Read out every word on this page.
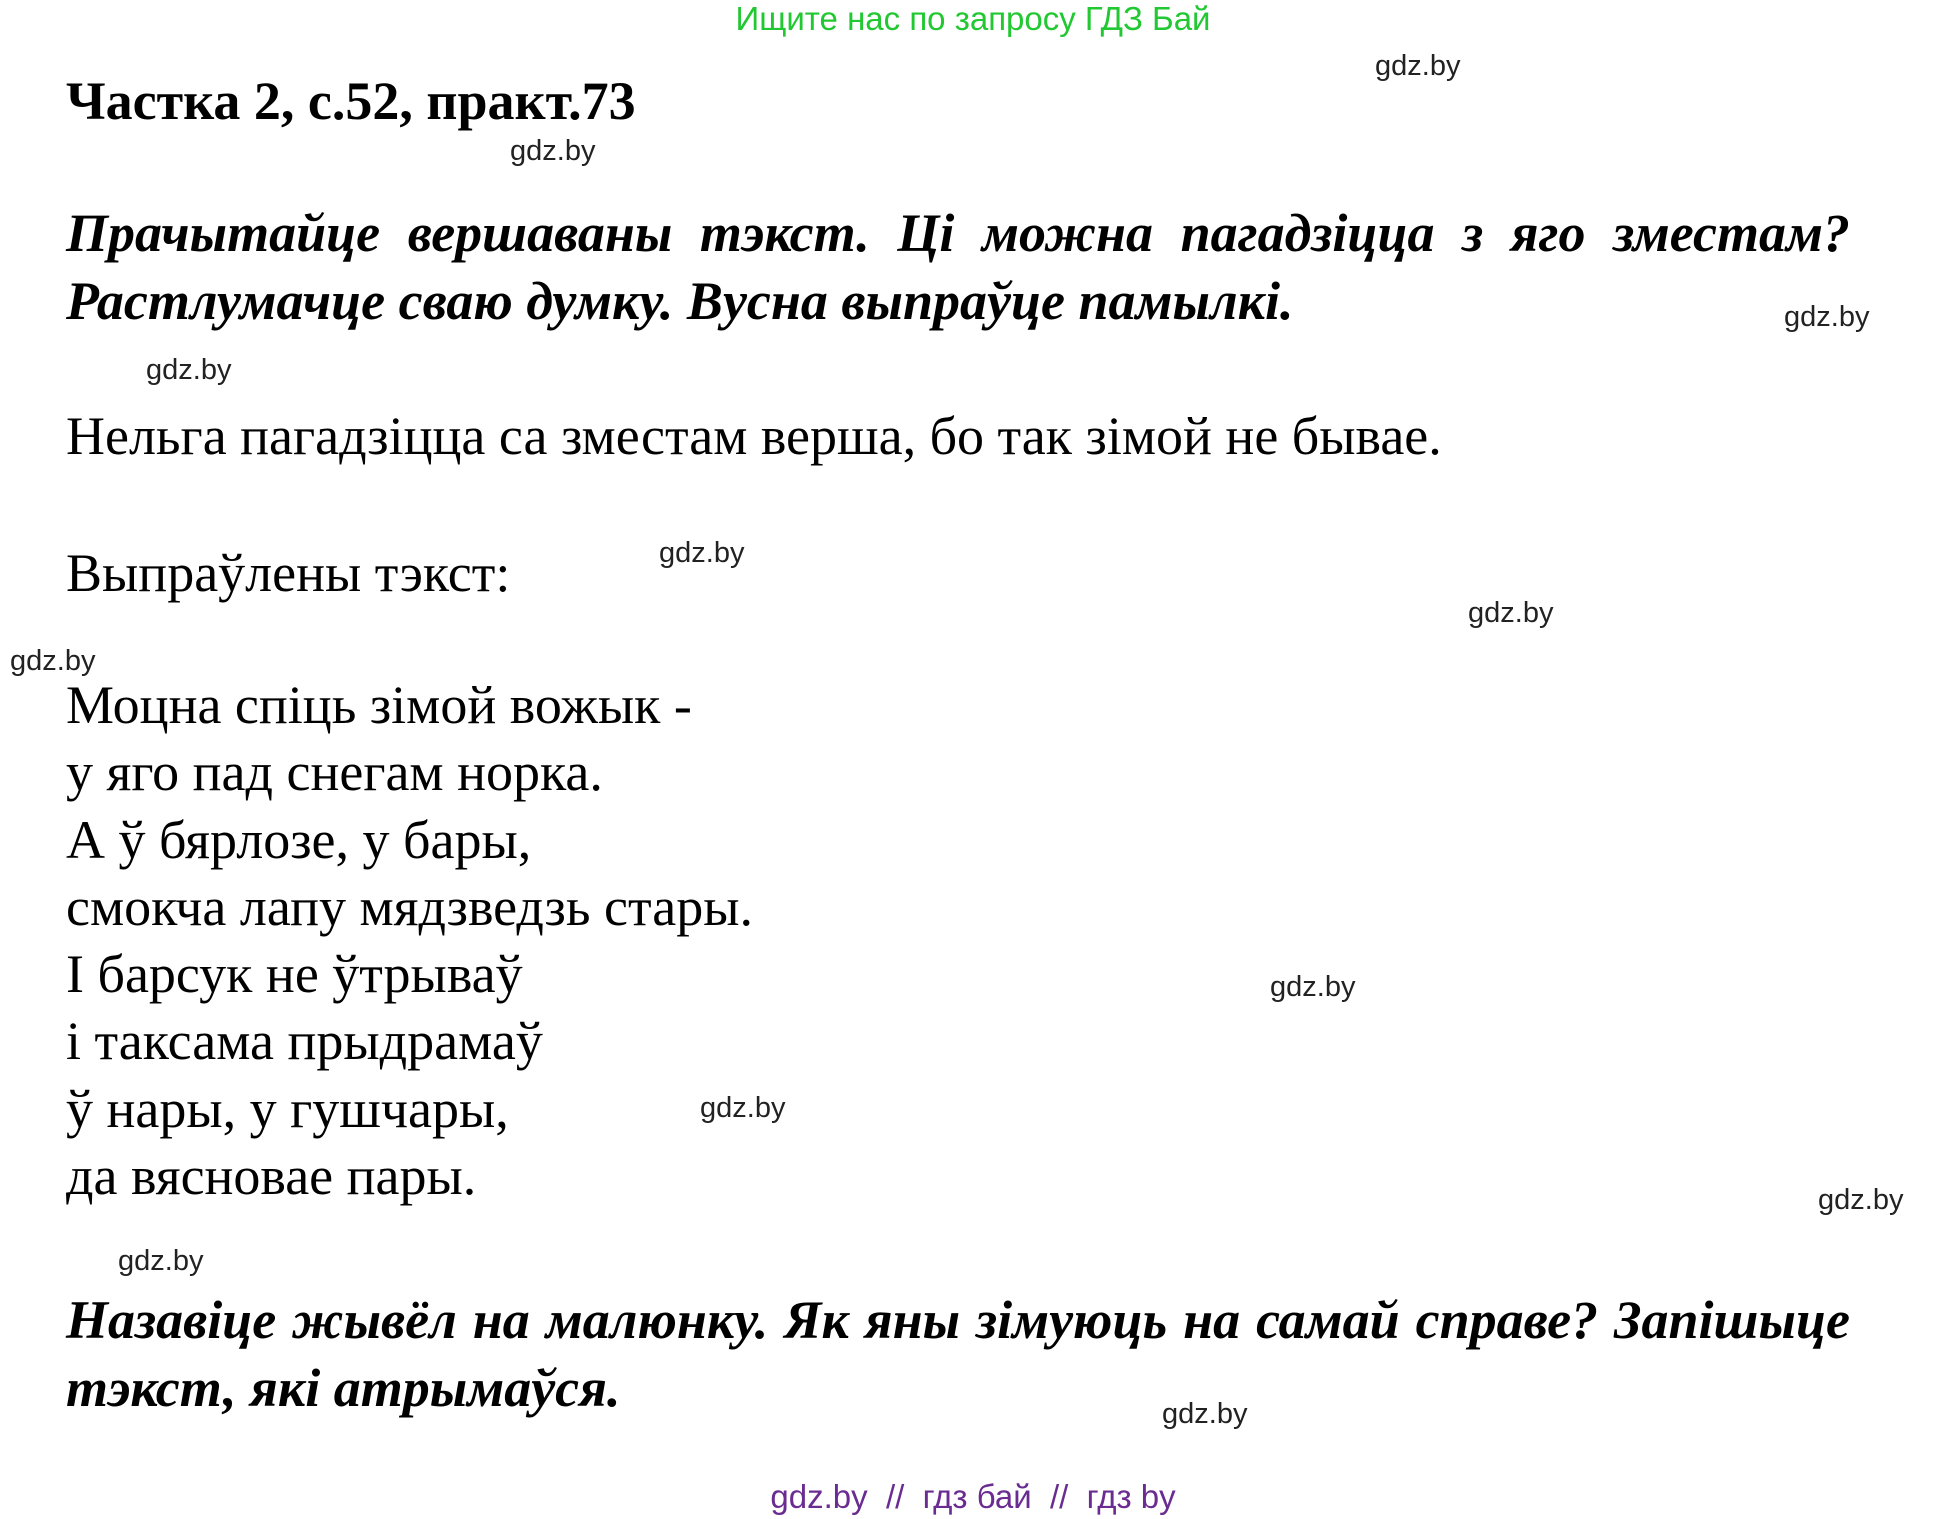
Ищите нас по запросу ГДЗ Бай
Частка 2, с.52, практ.73
Прачытайце вершаваны тэкст. Ці можна пагадзіцца з яго зместам? Растлумачце сваю думку. Вусна выпраўце памылкі.
Нельга пагадзіцца са зместам верша, бо так зімой не бывае.
Выпраўлены тэкст:
Моцна спіць зімой вожык -
у яго пад снегам норка.
А ў бярлозе, у бары,
смокча лапу мядзведзь стары.
І барсук не ўтрываў
і таксама прыдрамаў
ў нары, у гушчары,
да вясновае пары.
Назавіце жывёл на малюнку. Як яны зімуюць на самай справе? Запішыце тэкст, які атрымаўся.
gdz.by
gdz.by
gdz.by
gdz.by
gdz.by
gdz.by
gdz.by
gdz.by
gdz.by
gdz.by
gdz.by
gdz.by
gdz.by  //  гдз бай  //  гдз by
